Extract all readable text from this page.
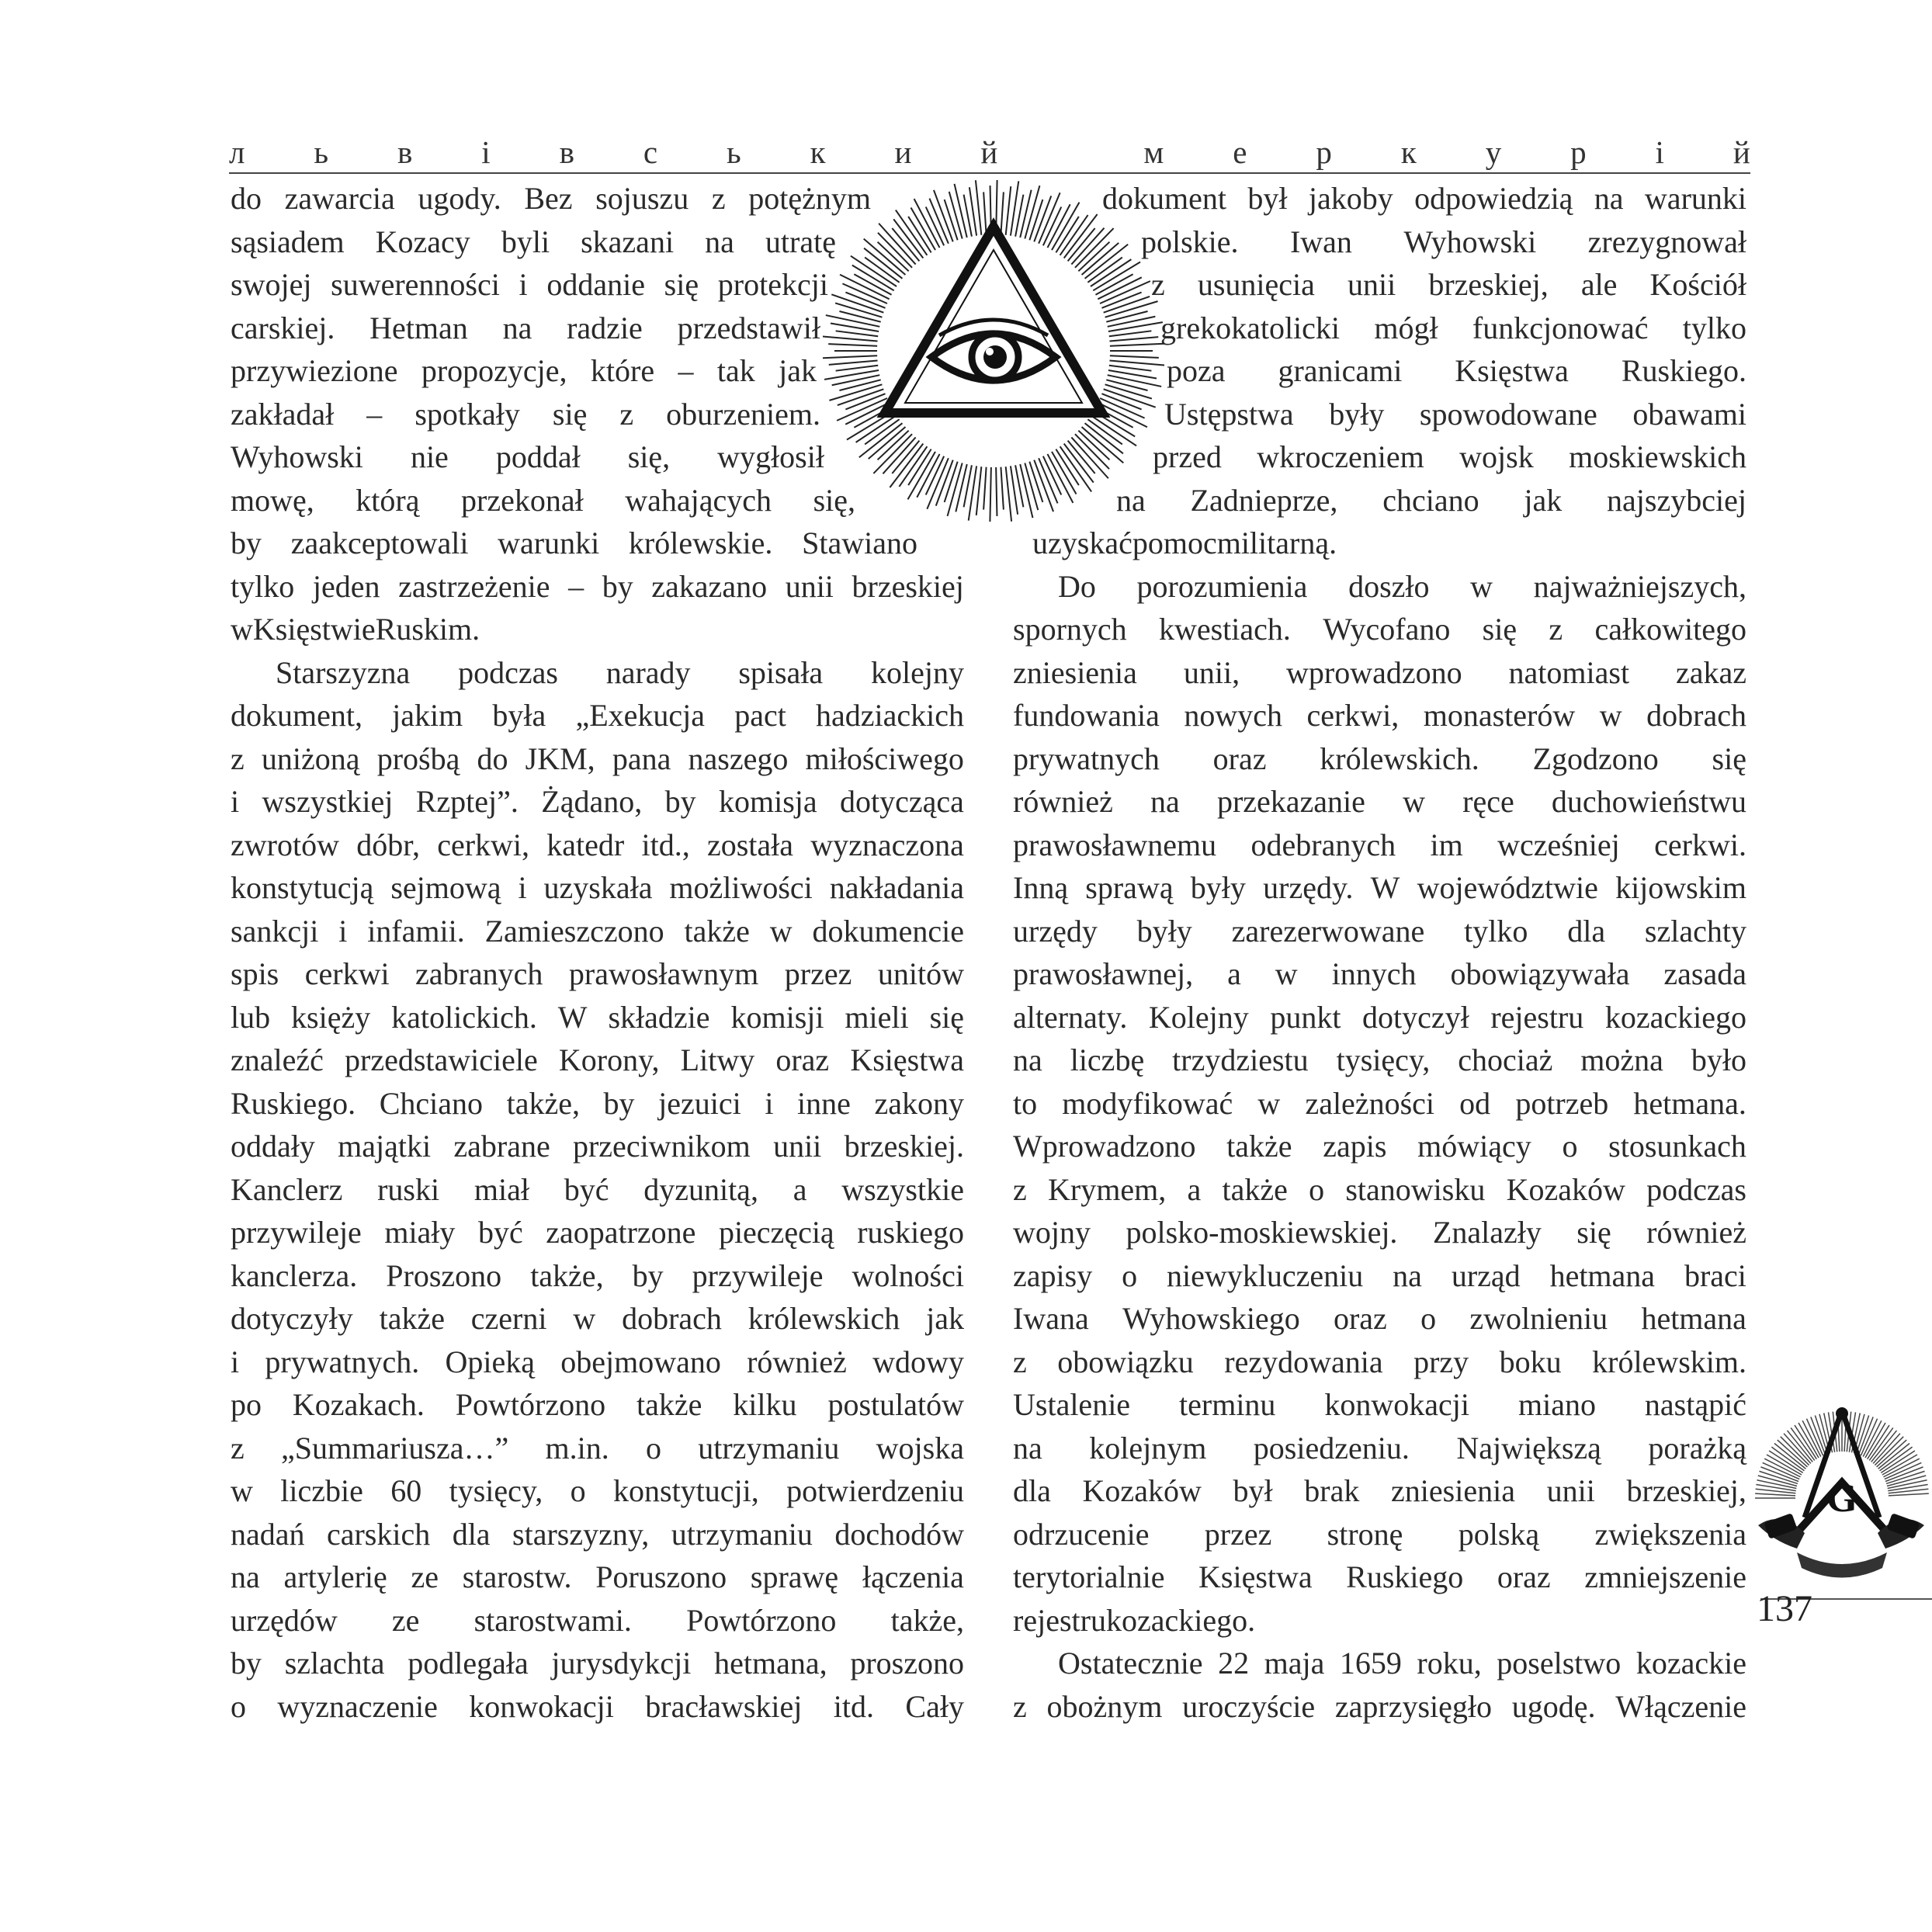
л ь в і в с ь к и й
	м е р к у р і й
do zawarcia ugody. Bez sojuszu z potężnym
sąsiadem Kozacy byli skazani na utratę
swojej suwerenności i oddanie się protekcji
carskiej. Hetman na radzie przedstawił
przywiezione propozycje, które – tak jak
zakładał – spotkały się z oburzeniem.
Wyhowski nie poddał się, wygłosił
mowę, którą przekonał wahających się,
by zaakceptowali warunki królewskie. Stawiano
tylko jeden zastrzeżenie – by zakazano unii brzeskiej
w Księstwie Ruskim.
Starszyzna podczas narady spisała kolejny
dokument, jakim była „Exekucja pact hadziackich
z uniżoną prośbą do JKM, pana naszego miłościwego
i wszystkiej Rzptej”. Żądano, by komisja dotycząca
zwrotów dóbr, cerkwi, katedr itd., została wyznaczona
konstytucją sejmową i uzyskała możliwości nakładania
sankcji i infamii. Zamieszczono także w dokumencie
spis cerkwi zabranych prawosławnym przez unitów
lub księży katolickich. W składzie komisji mieli się
znaleźć przedstawiciele Korony, Litwy oraz Księstwa
Ruskiego. Chciano także, by jezuici i inne zakony
oddały majątki zabrane przeciwnikom unii brzeskiej.
Kanclerz ruski miał być dyzunitą, a wszystkie
przywileje miały być zaopatrzone pieczęcią ruskiego
kanclerza. Proszono także, by przywileje wolności
dotyczyły także czerni w dobrach królewskich jak
i prywatnych. Opieką obejmowano również wdowy
po Kozakach. Powtórzono także kilku postulatów
z „Summariusza…” m.in. o utrzymaniu wojska
w liczbie 60 tysięcy, o konstytucji, potwierdzeniu
nadań carskich dla starszyzny, utrzymaniu dochodów
na artylerię ze starostw. Poruszono sprawę łączenia
urzędów ze starostwami. Powtórzono także,
by szlachta podlegała jurysdykcji hetmana, proszono
o wyznaczenie konwokacji bracławskiej itd. Cały
dokument był jakoby odpowiedzią na warunki
polskie. Iwan Wyhowski zrezygnował
z usunięcia unii brzeskiej, ale Kościół
grekokatolicki mógł funkcjonować tylko
poza granicami Księstwa Ruskiego.
Ustępstwa były spowodowane obawami
przed wkroczeniem wojsk moskiewskich
na Zadnieprze, chciano jak najszybciej
uzyskać pomoc militarną.
Do porozumienia doszło w najważniejszych,
spornych kwestiach. Wycofano się z całkowitego
zniesienia unii, wprowadzono natomiast zakaz
fundowania nowych cerkwi, monasterów w dobrach
prywatnych oraz królewskich. Zgodzono się
również na przekazanie w ręce duchowieństwu
prawosławnemu odebranych im wcześniej cerkwi.
Inną sprawą były urzędy. W województwie kijowskim
urzędy były zarezerwowane tylko dla szlachty
prawosławnej, a w innych obowiązywała zasada
alternaty. Kolejny punkt dotyczył rejestru kozackiego
na liczbę trzydziestu tysięcy, chociaż można było
to modyfikować w zależności od potrzeb hetmana.
Wprowadzono także zapis mówiący o stosunkach
z Krymem, a także o stanowisku Kozaków podczas
wojny polsko-moskiewskiej. Znalazły się również
zapisy o niewykluczeniu na urząd hetmana braci
Iwana Wyhowskiego oraz o zwolnieniu hetmana
z obowiązku rezydowania przy boku królewskim.
Ustalenie terminu konwokacji miano nastąpić
na kolejnym posiedzeniu. Największą porażką
dla Kozaków był brak zniesienia unii brzeskiej,
odrzucenie przez stronę polską zwiększenia
terytorialnie Księstwa Ruskiego oraz zmniejszenie
rejestru kozackiego.
Ostatecznie 22 maja 1659 roku, poselstwo kozackie
z obożnym uroczyście zaprzysięgło ugodę. Włączenie
G
137
